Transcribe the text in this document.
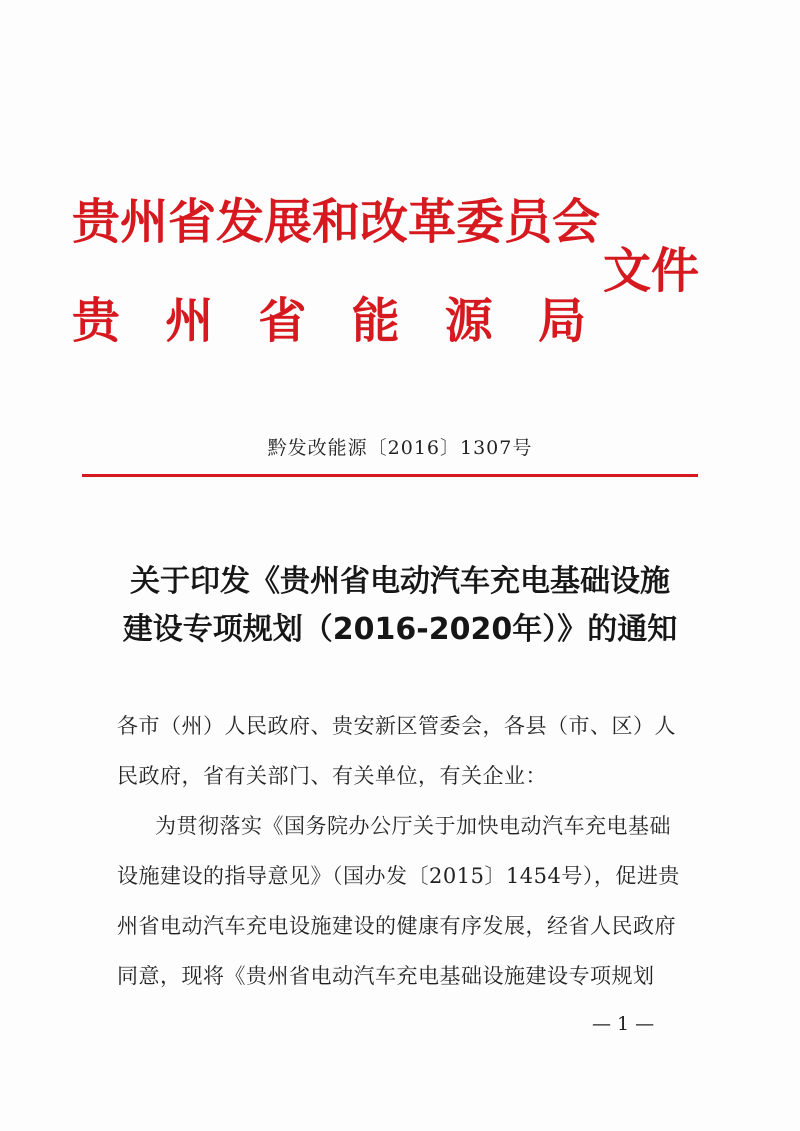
贵州省发展和改革委员会
贵 州 省 能 源 局
文件
黔发改能源〔2016〕1307号
关于印发《贵州省电动汽车充电基础设施
建设专项规划（2016-2020年）》的通知
各市（州）人民政府、贵安新区管委会，各县（市、区）人
民政府，省有关部门、有关单位，有关企业：
为贯彻落实《国务院办公厅关于加快电动汽车充电基础
设施建设的指导意见》（国办发〔2015〕1454号），促进贵
州省电动汽车充电设施建设的健康有序发展，经省人民政府
同意，现将《贵州省电动汽车充电基础设施建设专项规划
— 1 —
